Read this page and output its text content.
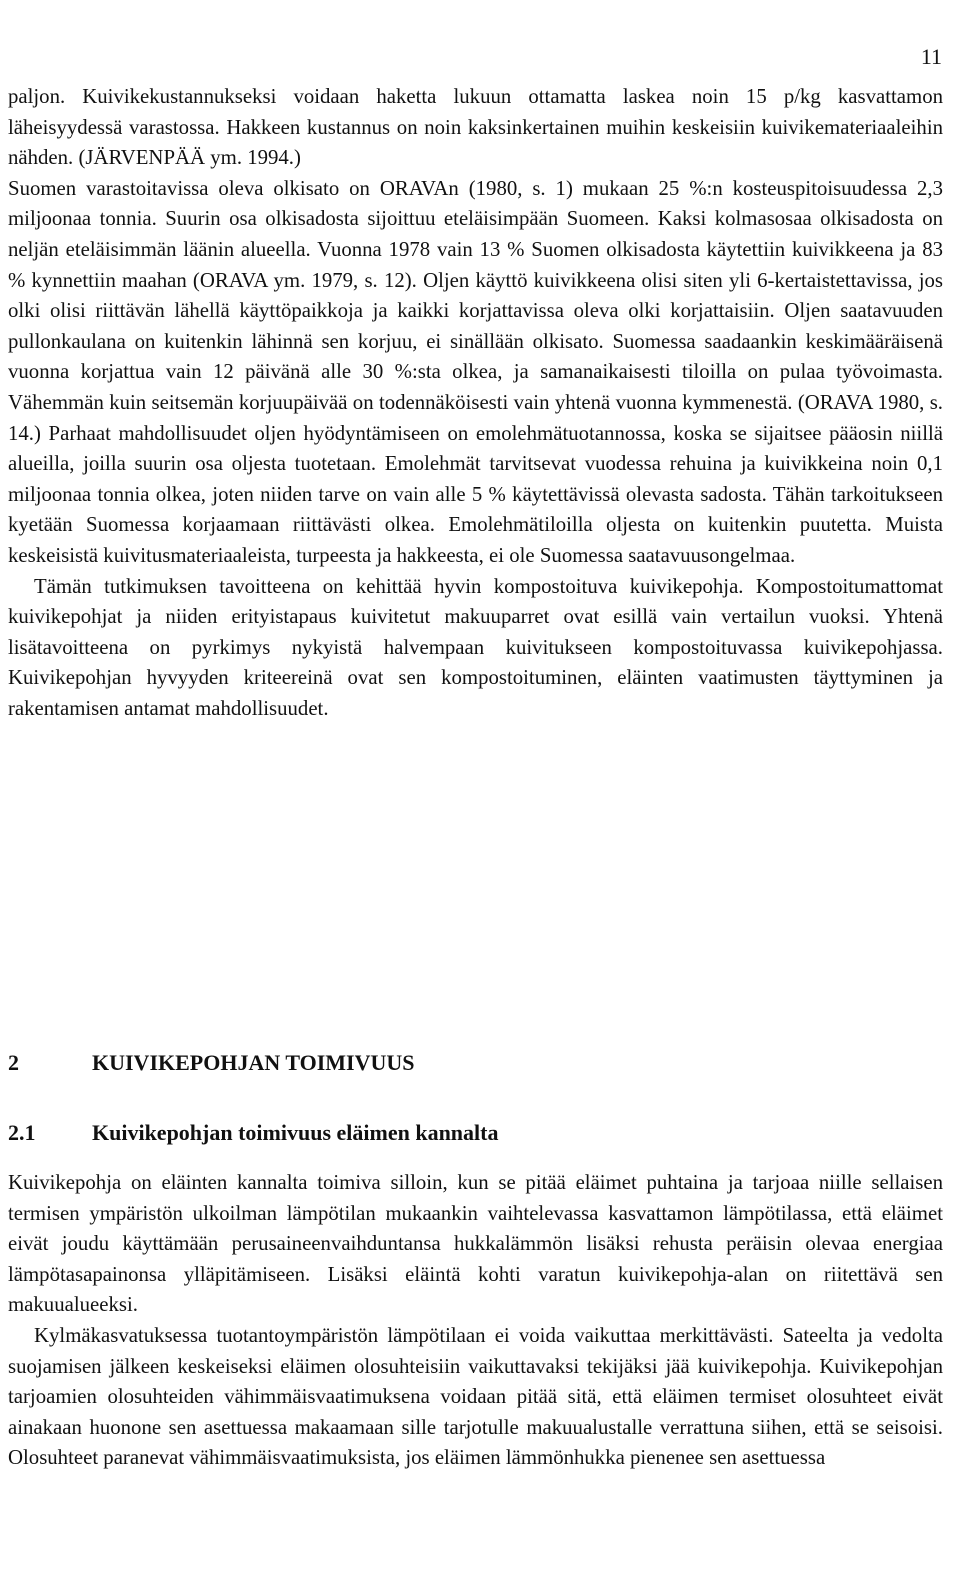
11

paljon. Kuivikekustannukseksi voidaan haketta lukuun ottamatta laskea noin 15 p/kg kasvattamon läheisyydessä varastossa. Hakkeen kustannus on noin kaksinkertainen muihin keskeisiin kuivikemateriaaleihin nähden. (JÄRVENPÄÄ ym. 1994.)

Suomen varastoitavissa oleva olkisato on ORAVAn (1980, s. 1) mukaan 25 %:n kosteuspitoisuudessa 2,3 miljoonaa tonnia. Suurin osa olkisadosta sijoittuu eteläisimpään Suomeen. Kaksi kolmasosaa olkisadosta on neljän eteläisimmän läänin alueella. Vuonna 1978 vain 13 % Suomen olkisadosta käytettiin kuivikkeena ja 83 % kynnettiin maahan (ORAVA ym. 1979, s. 12). Oljen käyttö kuivikkeena olisi siten yli 6-kertaistettavissa, jos olki olisi riittävän lähellä käyttöpaikkoja ja kaikki korjattavissa oleva olki korjattaisiin. Oljen saatavuuden pullonkaulana on kuitenkin lähinnä sen korjuu, ei sinällään olkisato. Suomessa saadaankin keskimääräisenä vuonna korjattua vain 12 päivänä alle 30 %:sta olkea, ja samanaikaisesti tiloilla on pulaa työvoimasta. Vähemmän kuin seitsemän korjuupäivää on todennäköisesti vain yhtenä vuonna kymmenestä. (ORAVA 1980, s. 14.) Parhaat mahdollisuudet oljen hyödyntämiseen on emolehmätuotannossa, koska se sijaitsee pääosin niillä alueilla, joilla suurin osa oljesta tuotetaan. Emolehmät tarvitsevat vuodessa rehuina ja kuivikkeina noin 0,1 miljoonaa tonnia olkea, joten niiden tarve on vain alle 5 % käytettävissä olevasta sadosta. Tähän tarkoitukseen kyetään Suomessa korjaamaan riittävästi olkea. Emolehmätiloilla oljesta on kuitenkin puutetta. Muista keskeisistä kuivitusmateriaaleista, turpeesta ja hakkeesta, ei ole Suomessa saatavuusongelmaa.

Tämän tutkimuksen tavoitteena on kehittää hyvin kompostoituva kuivikepohja. Kompostoitumattomat kuivikepohjat ja niiden erityistapaus kuivitetut makuuparret ovat esillä vain vertailun vuoksi. Yhtenä lisätavoitteena on pyrkimys nykyistä halvempaan kuivitukseen kompostoituvassa kuivikepohjassa. Kuivikepohjan hyvyyden kriteereinä ovat sen kompostoituminen, eläinten vaatimusten täyttyminen ja rakentamisen antamat mahdollisuudet.

2	KUIVIKEPOHJAN TOIMIVUUS
2.1	Kuivikepohjan toimivuus eläimen kannalta

Kuivikepohja on eläinten kannalta toimiva silloin, kun se pitää eläimet puhtaina ja tarjoaa niille sellaisen termisen ympäristön ulkoilman lämpötilan mukaankin vaihtelevassa kasvattamon lämpötilassa, että eläimet eivät joudu käyttämään perusaineenvaihduntansa hukkalämmön lisäksi rehusta peräisin olevaa energiaa lämpötasapainonsa ylläpitämiseen. Lisäksi eläintä kohti varatun kuivikepohja-alan on riitettävä sen makuualueeksi.

Kylmäkasvatuksessa tuotantoympäristön lämpötilaan ei voida vaikuttaa merkittävästi. Sateelta ja vedolta suojamisen jälkeen keskeiseksi eläimen olosuhteisiin vaikuttavaksi tekijäksi jää kuivikepohja. Kuivikepohjan tarjoamien olosuhteiden vähimmäisvaatimuksena voidaan pitää sitä, että eläimen termiset olosuhteet eivät ainakaan huonone sen asettuessa makaamaan sille tarjotulle makuualustalle verrattuna siihen, että se seisoisi. Olosuhteet paranevat vähimmäisvaatimuksista, jos eläimen lämmönhukka pienenee sen asettuessa
